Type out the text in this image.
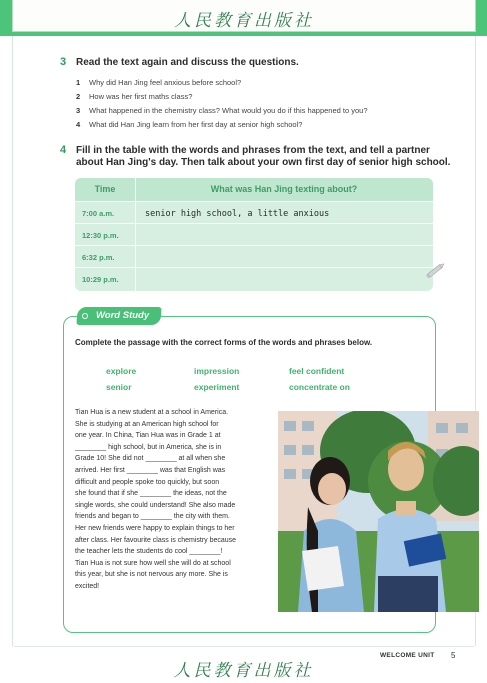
人民教育出版社
3 Read the text again and discuss the questions.
1 Why did Han Jing feel anxious before school?
2 How was her first maths class?
3 What happened in the chemistry class? What would you do if this happened to you?
4 What did Han Jing learn from her first day at senior high school?
4 Fill in the table with the words and phrases from the text, and tell a partner
about Han Jing's day. Then talk about your own first day of senior high school.
Time	What was Han Jing texting about?
7:00 a.m.	senior high school, a little anxious
12:30 p.m.
6:32 p.m.
10:29 p.m.
Word Study
Complete the passage with the correct forms of the words and phrases below.
explore	impression	feel confident
senior	experiment	concentrate on
Tian Hua is a new student at a school in America.
She is studying at an American high school for
one year. In China, Tian Hua was in Grade 1 at
________ high school, but in America, she is in
Grade 10! She did not ________ at all when she
arrived. Her first ________ was that English was
difficult and people spoke too quickly, but soon
she found that if she ________ the ideas, not the
single words, she could understand! She also made
friends and began to ________ the city with them.
Her new friends were happy to explain things to her
after class. Her favourite class is chemistry because
the teacher lets the students do cool ________!
Tian Hua is not sure how well she will do at school
this year, but she is not nervous any more. She is
excited!
WELCOME UNIT 5
人民教育出版社
